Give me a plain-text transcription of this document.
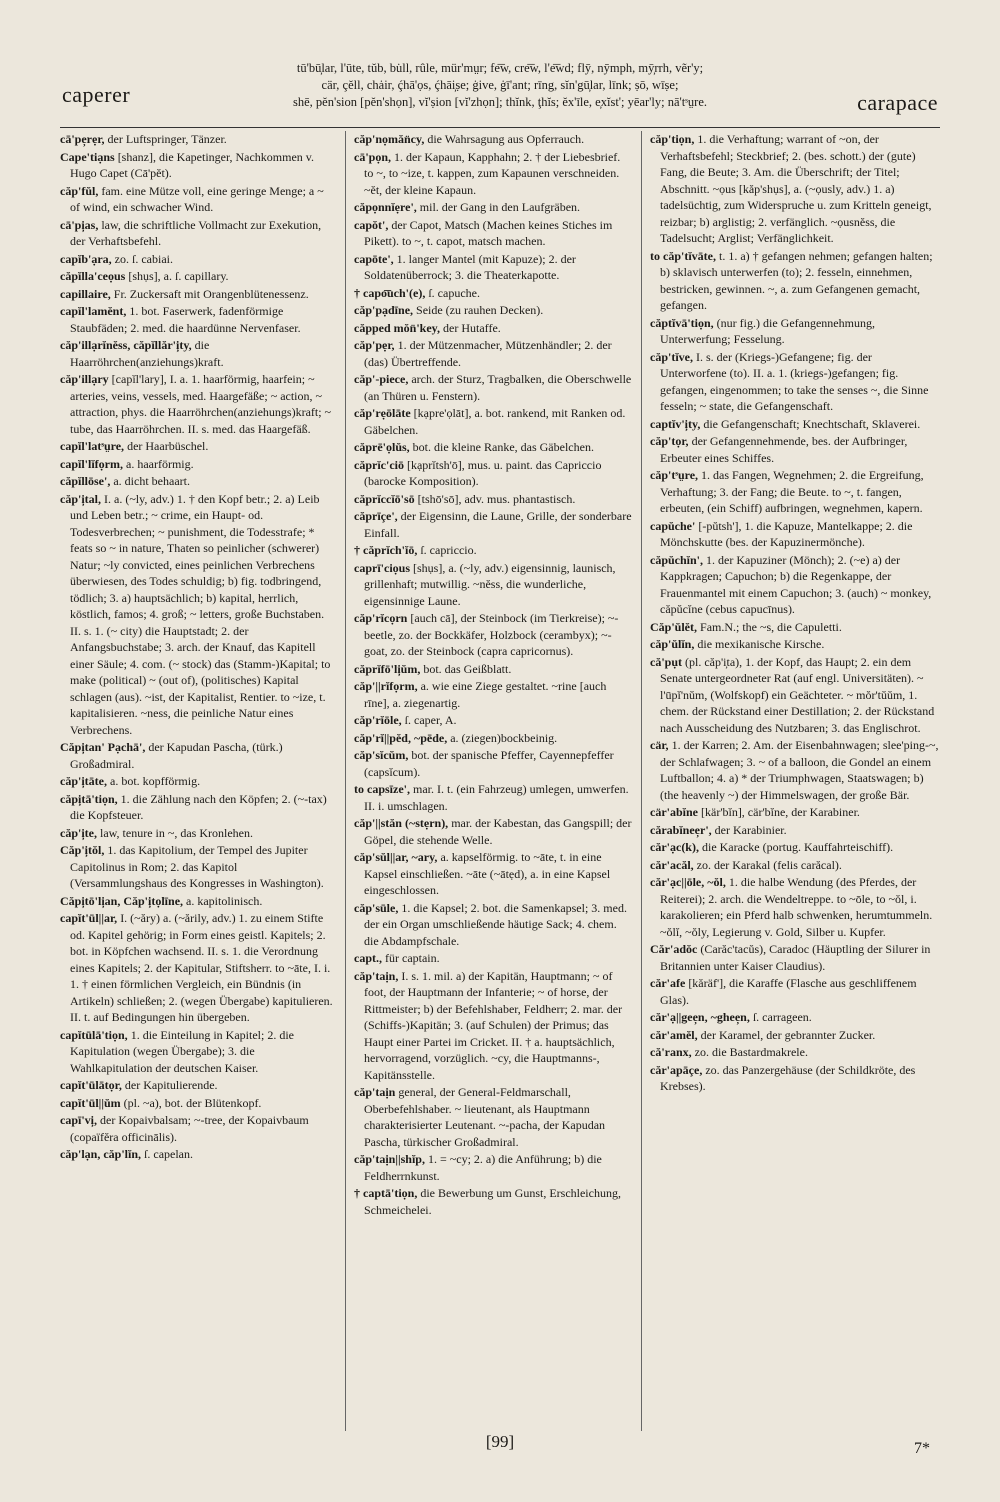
caperer
tū'bū̦lar, l'ūte, tŭb, bu̇ll, rûle, mür'mṳr; fe͞w, cre͞w, l'e͞wd; flȳ, nȳmph, mȳ̦rrh, vẽr'y;
cär, çĕll, chȧir, ḉhā'ọs, ḉhāi̦ṣe; ġive, ġī'ant; rīng, sĭn'gū̦lar, līnk; ṣō, wīṣe;
shē, pĕn'sion [pĕn'shọn], vĭ'ṣion [vĭ'zhọn]; thĭnk, ţhĭs; ĕx'īle, e̦xĭst'; yēar'ly; nā'tˢṳre.	carapace
cā'pe̦rẹr, der Luftspringer, Tänzer.
Cape'tiạns [shanz], die Kapetinger, Nachkommen v. Hugo Capet (Cā'pĕt).
căp'fŭl, fam. eine Mütze voll, eine geringe Menge; a ~ of wind, ein schwacher Wind.
cā'pi̦as, law, die schriftliche Vollmacht zur Exekution, der Verhaftsbefehl.
capĭb'ạra, zo. ſ. cabiai.
căpĭlla'ceọus [shụs], a. ſ. capillary.
capillaire, Fr. Zuckersaft mit Orangenblütenessenz.
capĭl'lamĕnt, 1. bot. Faserwerk, fadenförmige Staubfäden; 2. med. die haardünne Nervenfaser.
căp'illạrĭnĕss, căpĭllăr'i̦ty, die Haarröhrchen(anziehungs)kraft.
căp'illạry [capĭl'lary], I. a. 1. haarförmig, haarfein; ~ arteries, veins, vessels, med. Haargefäße; ~ action, ~ attraction, phys. die Haarröhrchen(anziehungs)kraft; ~ tube, das Haarröhrchen. II. s. med. das Haargefäß.
capĭl'latˢṳre, der Haarbüschel.
capĭl'lĭfọrm, a. haarförmig.
căpĭllōse', a. dicht behaart.
căp'i̦tal, I. a. (~ly, adv.) 1. † den Kopf betr.; 2. a) Leib und Leben betr.; ~ crime, ein Haupt- od. Todesverbrechen; ~ punishment, die Todesstrafe; * feats so ~ in nature, Thaten so peinlicher (schwerer) Natur; ~ly convicted, eines peinlichen Verbrechens überwiesen, des Todes schuldig; b) fig. todbringend, tödlich; 3. a) hauptsächlich; b) kapital, herrlich, köstlich, famos; 4. groß; ~ letters, große Buchstaben. II. s. 1. (~ city) die Hauptstadt; 2. der Anfangsbuchstabe; 3. arch. der Knauf, das Kapitell einer Säule; 4. com. (~ stock) das (Stamm-)Kapital; to make (political) ~ (out of), (politisches) Kapital schlagen (aus). ~ist, der Kapitalist, Rentier. to ~ize, t. kapitalisieren. ~ness, die peinliche Natur eines Verbrechens.
Căpi̦tan' Pạchā', der Kapudan Pascha, (türk.) Großadmiral.
căp'i̦tāte, a. bot. kopfförmig.
căpi̦tā'tiọn, 1. die Zählung nach den Köpfen; 2. (~-tax) die Kopfsteuer.
căp'i̦te, law, tenure in ~, das Kronlehen.
Căp'i̦tŏl, 1. das Kapitolium, der Tempel des Jupiter Capitolinus in Rom; 2. das Kapitol (Versammlungshaus des Kongresses in Washington).
Căpi̦tō'li̦an, Căp'i̦tọlīne, a. kapitolinisch.
capĭt'ūl||ar, I. (~ăry) a. (~ărily, adv.) 1. zu einem Stifte od. Kapitel gehörig; in Form eines geistl. Kapitels; 2. bot. in Köpfchen wachsend. II. s. 1. die Verordnung eines Kapitels; 2. der Kapitular, Stiftsherr. to ~āte, I. i. 1. † einen förmlichen Vergleich, ein Bündnis (in Artikeln) schließen; 2. (wegen Übergabe) kapitulieren. II. t. auf Bedingungen hin übergeben.
capĭtūlā'tiọn, 1. die Einteilung in Kapitel; 2. die Kapitulation (wegen Übergabe); 3. die Wahlkapitulation der deutschen Kaiser.
capĭt'ūlātọr, der Kapitulierende.
capĭt'ūl||ŭm (pl. ~a), bot. der Blütenkopf.
capī'vi̦, der Kopaivbalsam; ~-tree, der Kopaivbaum (copaïfĕra officinālis).
căp'lạn, căp'lĭn, ſ. capelan.
căp'nọmăn̈cy, die Wahrsagung aus Opferrauch.
cā'pọn, 1. der Kapaun, Kapphahn; 2. † der Liebesbrief. to ~, to ~ize, t. kappen, zum Kapaunen verschneiden. ~ĕt, der kleine Kapaun.
căpọnnĭẹre', mil. der Gang in den Laufgräben.
capŏt', der Capot, Matsch (Machen keines Stiches im Pikett). to ~, t. capot, matsch machen.
capōte', 1. langer Mantel (mit Kapuze); 2. der Soldatenüberrock; 3. die Theaterkapotte.
† capo͞uch'(e), ſ. capuche.
căp'pạdīne, Seide (zu rauhen Decken).
căpped mŏn̈'key, der Hutaffe.
căp'pẹr, 1. der Mützenmacher, Mützenhändler; 2. der (das) Übertreffende.
căp'-piece, arch. der Sturz, Tragbalken, die Oberschwelle (an Thüren u. Fenstern).
căp'rẹōlāte [kạpre'ọlāt], a. bot. rankend, mit Ranken od. Gäbelchen.
căprē'ọlŭs, bot. die kleine Ranke, das Gäbelchen.
căprĭc'ciō [kạprĭtsh'ō], mus. u. paint. das Capriccio (barocke Komposition).
căprĭccĭō'sō [tshō'sō], adv. mus. phantastisch.
căprīçe', der Eigensinn, die Laune, Grille, der sonderbare Einfall.
† căprĭch'ĭō, ſ. capriccio.
caprī'ciọus [shụs], a. (~ly, adv.) eigensinnig, launisch, grillenhaft; mutwillig. ~nĕss, die wunderliche, eigensinnige Laune.
căp'rĭcọrn [auch cā], der Steinbock (im Tierkreise); ~-beetle, zo. der Bockkäfer, Holzbock (cerambyx); ~-goat, zo. der Steinbock (capra capricornus).
căprĭfō'li̦ŭm, bot. das Geißblatt.
căp'||rĭfọrm, a. wie eine Ziege gestaltet. ~rine [auch rīne], a. ziegenartig.
căp'rĭōle, ſ. caper, A.
căp'rĭ||pĕd, ~pēde, a. (ziegen)bockbeinig.
căp'sĭcŭm, bot. der spanische Pfeffer, Cayennepfeffer (capsĭcum).
to capsīze', mar. I. t. (ein Fahrzeug) umlegen, umwerfen. II. i. umschlagen.
căp'||stăn (~stẹrn), mar. der Kabestan, das Gangspill; der Göpel, die stehende Welle.
căp'sŭl||ar, ~ary, a. kapselförmig. to ~āte, t. in eine Kapsel einschließen. ~āte (~ātẹd), a. in eine Kapsel eingeschlossen.
căp'sūle, 1. die Kapsel; 2. bot. die Samenkapsel; 3. med. der ein Organ umschließende häutige Sack; 4. chem. die Abdampfschale.
capt., für captain.
căp'taịn, I. s. 1. mil. a) der Kapitän, Hauptmann; ~ of foot, der Hauptmann der Infanterie; ~ of horse, der Rittmeister; b) der Befehlshaber, Feldherr; 2. mar. der (Schiffs-)Kapitän; 3. (auf Schulen) der Primus; das Haupt einer Partei im Cricket. II. † a. hauptsächlich, hervorragend, vorzüglich. ~cy, die Hauptmanns-, Kapitänsstelle.
căp'taịn general, der General-Feldmarschall, Oberbefehlshaber. ~ lieutenant, als Hauptmann charakterisierter Leutenant. ~-pacha, der Kapudan Pascha, türkischer Großadmiral.
căp'taịn||shĭp, 1. = ~cy; 2. a) die Anführung; b) die Feldherrnkunst.
† captā'tiọn, die Bewerbung um Gunst, Erschleichung, Schmeichelei.
căp'tiọn, 1. die Verhaftung; warrant of ~on, der Verhaftsbefehl; Steckbrief; 2. (bes. schott.) der (gute) Fang, die Beute; 3. Am. die Überschrift; der Titel; Abschnitt. ~ọus [kăp'shụs], a. (~ọusly, adv.) 1. a) tadelsüchtig, zum Widerspruche u. zum Kritteln geneigt, reizbar; b) arglistig; 2. verfänglich. ~ọusnĕss, die Tadelsucht; Arglist; Verfänglichkeit.
to căp'tĭvāte, t. 1. a) † gefangen nehmen; gefangen halten; b) sklavisch unterwerfen (to); 2. fesseln, einnehmen, bestricken, gewinnen. ~, a. zum Gefangenen gemacht, gefangen.
căptĭvā'tiọn, (nur fig.) die Gefangennehmung, Unterwerfung; Fesselung.
căp'tĭve, I. s. der (Kriegs-)Gefangene; fig. der Unterworfene (to). II. a. 1. (kriegs-)gefangen; fig. gefangen, eingenommen; to take the senses ~, die Sinne fesseln; ~ state, die Gefangenschaft.
captĭv'i̦ty, die Gefangenschaft; Knechtschaft, Sklaverei.
căp'tọr, der Gefangennehmende, bes. der Aufbringer, Erbeuter eines Schiffes.
căp'tˢṳre, 1. das Fangen, Wegnehmen; 2. die Ergreifung, Verhaftung; 3. der Fang; die Beute. to ~, t. fangen, erbeuten, (ein Schiff) aufbringen, wegnehmen, kapern.
capŭche' [-pŭtsh'], 1. die Kapuze, Mantelkappe; 2. die Mönchskutte (bes. der Kapuzinermönche).
căpŭchĭn', 1. der Kapuziner (Mönch); 2. (~e) a) der Kappkragen; Capuchon; b) die Regenkappe, der Frauenmantel mit einem Capuchon; 3. (auch) ~ monkey, căpŭcĭne (cebus capucīnus).
Căp'ŭlĕt, Fam.N.; the ~s, die Capuletti.
căp'ŭlĭn, die mexikanische Kirsche.
că'pụt (pl. căp'i̦ta), 1. der Kopf, das Haupt; 2. ein dem Senate untergeordneter Rat (auf engl. Universitäten). ~ l'ūpĭ'nŭm, (Wolfskopf) ein Geächteter. ~ mŏr'tŭŭm, 1. chem. der Rückstand einer Destillation; 2. der Rückstand nach Ausscheidung des Nutzbaren; 3. das Englischrot.
cär, 1. der Karren; 2. Am. der Eisenbahnwagen; slee'ping-~, der Schlafwagen; 3. ~ of a balloon, die Gondel an einem Luftballon; 4. a) * der Triumphwagen, Staatswagen; b) (the heavenly ~) der Himmelswagen, der große Bär.
cär'abĭne [kär'bĭn], cär'bĭne, der Karabiner.
cărabĭnee̦r', der Karabinier.
căr'ạc(k), die Karacke (portug. Kauffahrteischiff).
căr'acăl, zo. der Karakal (felis carăcal).
căr'ạc||ōle, ~ŏl, 1. die halbe Wendung (des Pferdes, der Reiterei); 2. arch. die Wendeltreppe. to ~ōle, to ~ŏl, i. karakolieren; ein Pferd halb schwenken, herumtummeln. ~ŏlĭ, ~ŏly, Legierung v. Gold, Silber u. Kupfer.
Căr'adŏc (Carăc'tacŭs), Caradoc (Häuptling der Silurer in Britannien unter Kaiser Claudius).
căr'afe [kăräf'], die Karaffe (Flasche aus geschliffenem Glas).
căr'ạ||gee̦n, ~ghee̦n, ſ. carrageen.
căr'amĕl, der Karamel, der gebrannter Zucker.
că'ranx, zo. die Bastardmakrele.
căr'apāçe, zo. das Panzergehäuse (der Schildkröte, des Krebses).
[99]	7*
